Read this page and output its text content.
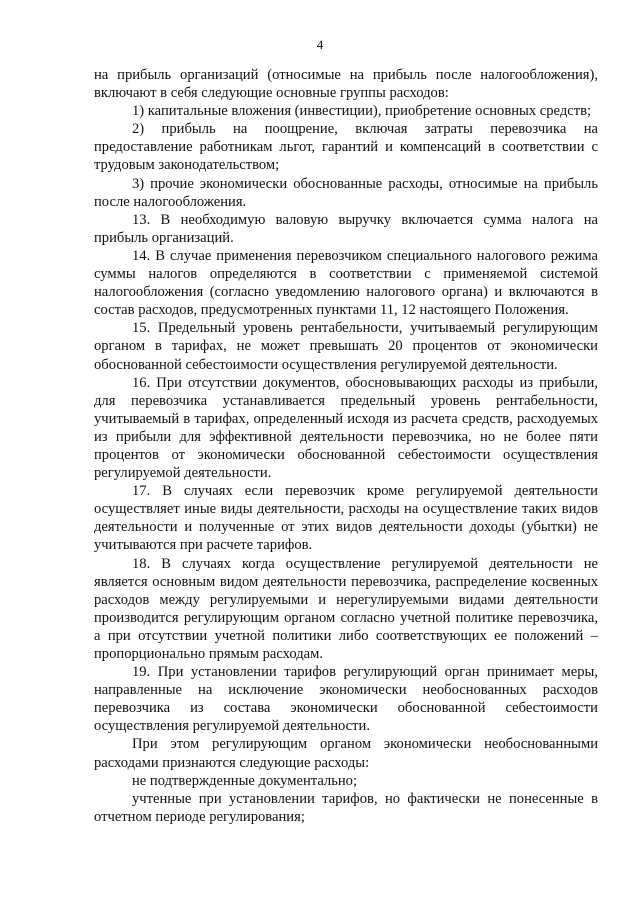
4

на прибыль организаций (относимые на прибыль после налогообложения), включают в себя следующие основные группы расходов:

1) капитальные вложения (инвестиции), приобретение основных средств;

2) прибыль на поощрение, включая затраты перевозчика на предоставление работникам льгот, гарантий и компенсаций в соответствии с трудовым законодательством;

3) прочие экономически обоснованные расходы, относимые на прибыль после налогообложения.

13. В необходимую валовую выручку включается сумма налога на прибыль организаций.

14. В случае применения перевозчиком специального налогового режима суммы налогов определяются в соответствии с применяемой системой налогообложения (согласно уведомлению налогового органа) и включаются в состав расходов, предусмотренных пунктами 11, 12 настоящего Положения.

15. Предельный уровень рентабельности, учитываемый регулирующим органом в тарифах, не может превышать 20 процентов от экономически обоснованной себестоимости осуществления регулируемой деятельности.

16. При отсутствии документов, обосновывающих расходы из прибыли, для перевозчика устанавливается предельный уровень рентабельности, учитываемый в тарифах, определенный исходя из расчета средств, расходуемых из прибыли для эффективной деятельности перевозчика, но не более пяти процентов от экономически обоснованной себестоимости осуществления регулируемой деятельности.

17. В случаях если перевозчик кроме регулируемой деятельности осуществляет иные виды деятельности, расходы на осуществление таких видов деятельности и полученные от этих видов деятельности доходы (убытки) не учитываются при расчете тарифов.

18. В случаях когда осуществление регулируемой деятельности не является основным видом деятельности перевозчика, распределение косвенных расходов между регулируемыми и нерегулируемыми видами деятельности производится регулирующим органом согласно учетной политике перевозчика, а при отсутствии учетной политики либо соответствующих ее положений – пропорционально прямым расходам.

19. При установлении тарифов регулирующий орган принимает меры, направленные на исключение экономически необоснованных расходов перевозчика из состава экономически обоснованной себестоимости осуществления регулируемой деятельности.

При этом регулирующим органом экономически необоснованными расходами признаются следующие расходы:

не подтвержденные документально;

учтенные при установлении тарифов, но фактически не понесенные в отчетном периоде регулирования;
